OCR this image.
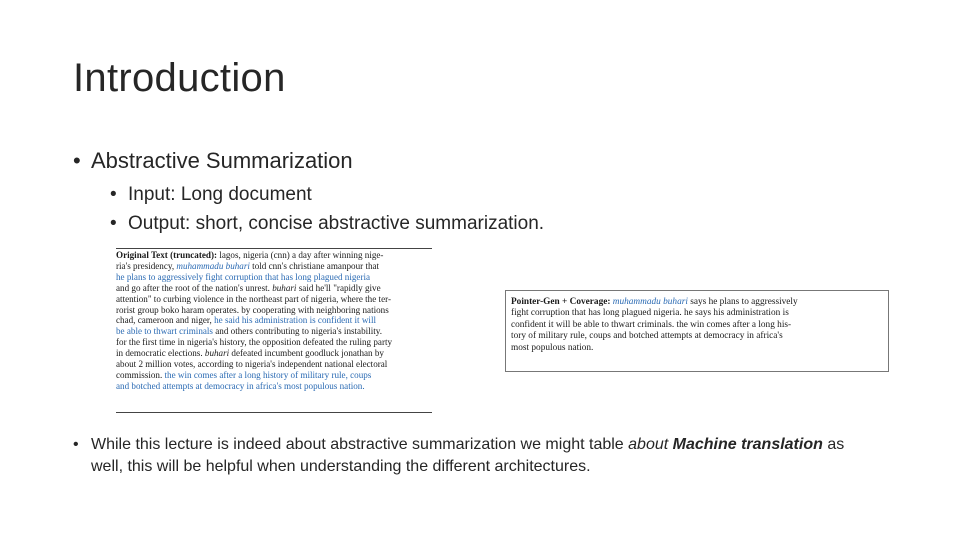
Introduction
• Abstractive Summarization
• Input: Long document
• Output: short, concise abstractive summarization.
Original Text (truncated): lagos, nigeria (cnn) a day after winning nige-
ria's presidency, muhammadu buhari told cnn's christiane amanpour that
he plans to aggressively fight corruption that has long plagued nigeria
and go after the root of the nation's unrest. buhari said he'll "rapidly give
attention" to curbing violence in the northeast part of nigeria, where the ter-
rorist group boko haram operates. by cooperating with neighboring nations
chad, cameroon and niger, he said his administration is confident it will
be able to thwart criminals and others contributing to nigeria's instability.
for the first time in nigeria's history, the opposition defeated the ruling party
in democratic elections. buhari defeated incumbent goodluck jonathan by
about 2 million votes, according to nigeria's independent national electoral
commission. the win comes after a long history of military rule, coups
and botched attempts at democracy in africa's most populous nation.
Pointer-Gen + Coverage: muhammadu buhari says he plans to aggressively
fight corruption that has long plagued nigeria. he says his administration is
confident it will be able to thwart criminals. the win comes after a long his-
tory of military rule, coups and botched attempts at democracy in africa's
most populous nation.
• While this lecture is indeed about abstractive summarization we might table about Machine translation as well, this will be helpful when understanding the different architectures.
